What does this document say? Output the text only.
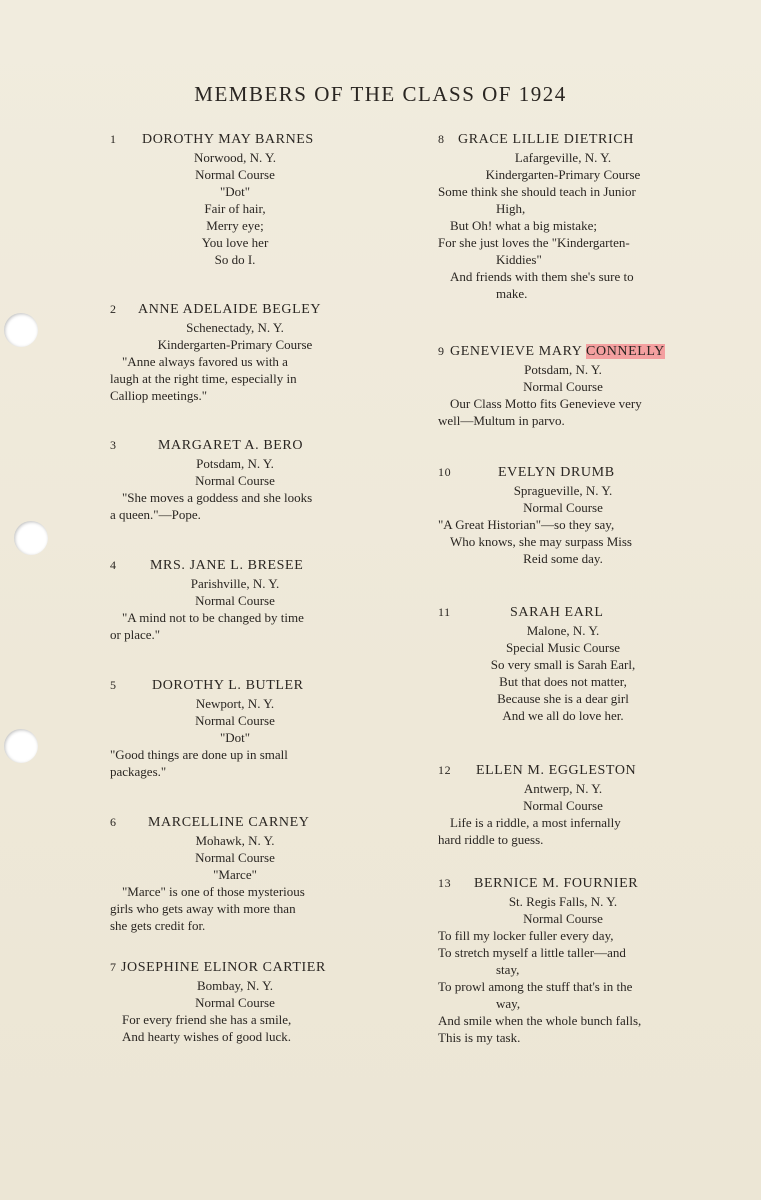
MEMBERS OF THE CLASS OF 1924
1 DOROTHY MAY BARNES
Norwood, N. Y.
Normal Course
"Dot"
Fair of hair,
Merry eye;
You love her
So do I.
2 ANNE ADELAIDE BEGLEY
Schenectady, N. Y.
Kindergarten-Primary Course
"Anne always favored us with a
laugh at the right time, especially in
Calliop meetings."
3	MARGARET A. BERO
Potsdam, N. Y.
Normal Course
"She moves a goddess and she looks
a queen."—Pope.
4 MRS. JANE L. BRESEE
Parishville, N. Y.
Normal Course
"A mind not to be changed by time
or place."
5	DOROTHY L. BUTLER
Newport, N. Y.
Normal Course
"Dot"
"Good things are done up in small
packages."
6 MARCELLINE CARNEY
Mohawk, N. Y.
Normal Course
"Marce"
"Marce" is one of those mysterious
girls who gets away with more than
she gets credit for.
7 JOSEPHINE ELINOR CARTIER
Bombay, N. Y.
Normal Course
For every friend she has a smile,
And hearty wishes of good luck.
8 GRACE LILLIE DIETRICH
Lafargeville, N. Y.
Kindergarten-Primary Course
Some think she should teach in Junior
High,
But Oh! what a big mistake;
For she just loves the "Kindergarten-
Kiddies"
And friends with them she's sure to
make.
9 GENEVIEVE MARY CONNELLY
Potsdam, N. Y.
Normal Course
Our Class Motto fits Genevieve very
well—Multum in parvo.
10	EVELYN DRUMB
Spragueville, N. Y.
Normal Course
"A Great Historian"—so they say,
Who knows, she may surpass Miss
Reid some day.
11	SARAH EARL
Malone, N. Y.
Special Music Course
So very small is Sarah Earl,
But that does not matter,
Because she is a dear girl
And we all do love her.
12 ELLEN M. EGGLESTON
Antwerp, N. Y.
Normal Course
Life is a riddle, a most infernally
hard riddle to guess.
13 BERNICE M. FOURNIER
St. Regis Falls, N. Y.
Normal Course
To fill my locker fuller every day,
To stretch myself a little taller—and
stay,
To prowl among the stuff that's in the
way,
And smile when the whole bunch falls,
This is my task.
